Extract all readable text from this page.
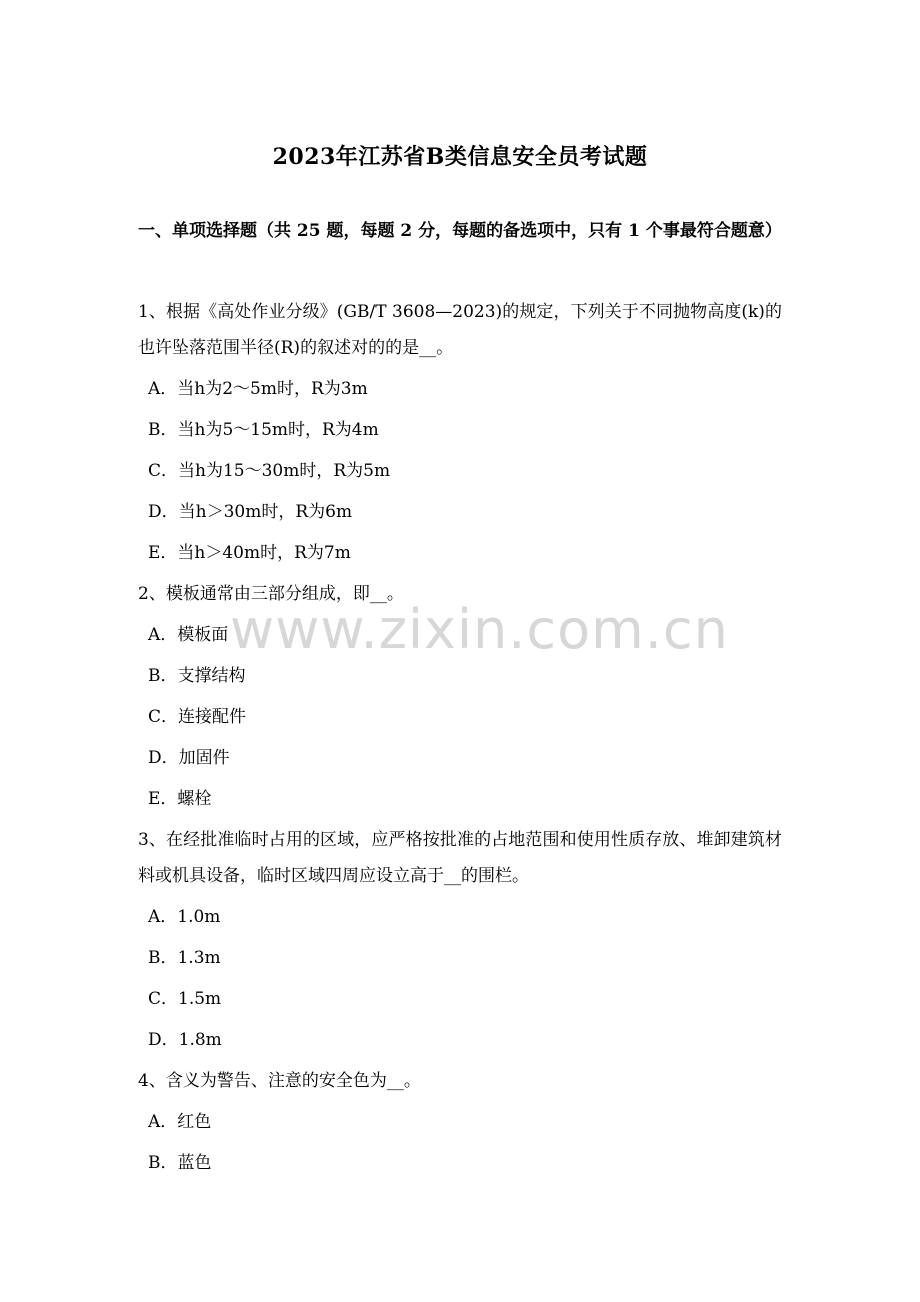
2023年江苏省B类信息安全员考试题
一、单项选择题（共 25 题，每题 2 分，每题的备选项中，只有 1 个事最符合题意）
1、根据《高处作业分级》(GB/T 3608—2023)的规定，下列关于不同抛物高度(k)的也许坠落范围半径(R)的叙述对的的是__。
A．当h为2～5m时，R为3m
B．当h为5～15m时，R为4m
C．当h为15～30m时，R为5m
D．当h＞30m时，R为6m
E．当h＞40m时，R为7m
2、模板通常由三部分组成，即__。
A．模板面
B．支撑结构
C．连接配件
D．加固件
E．螺栓
3、在经批准临时占用的区域，应严格按批准的占地范围和使用性质存放、堆卸建筑材料或机具设备，临时区域四周应设立高于__的围栏。
A．1.0m
B．1.3m
C．1.5m
D．1.8m
4、含义为警告、注意的安全色为__。
A．红色
B．蓝色
www.zixin.com.cn
